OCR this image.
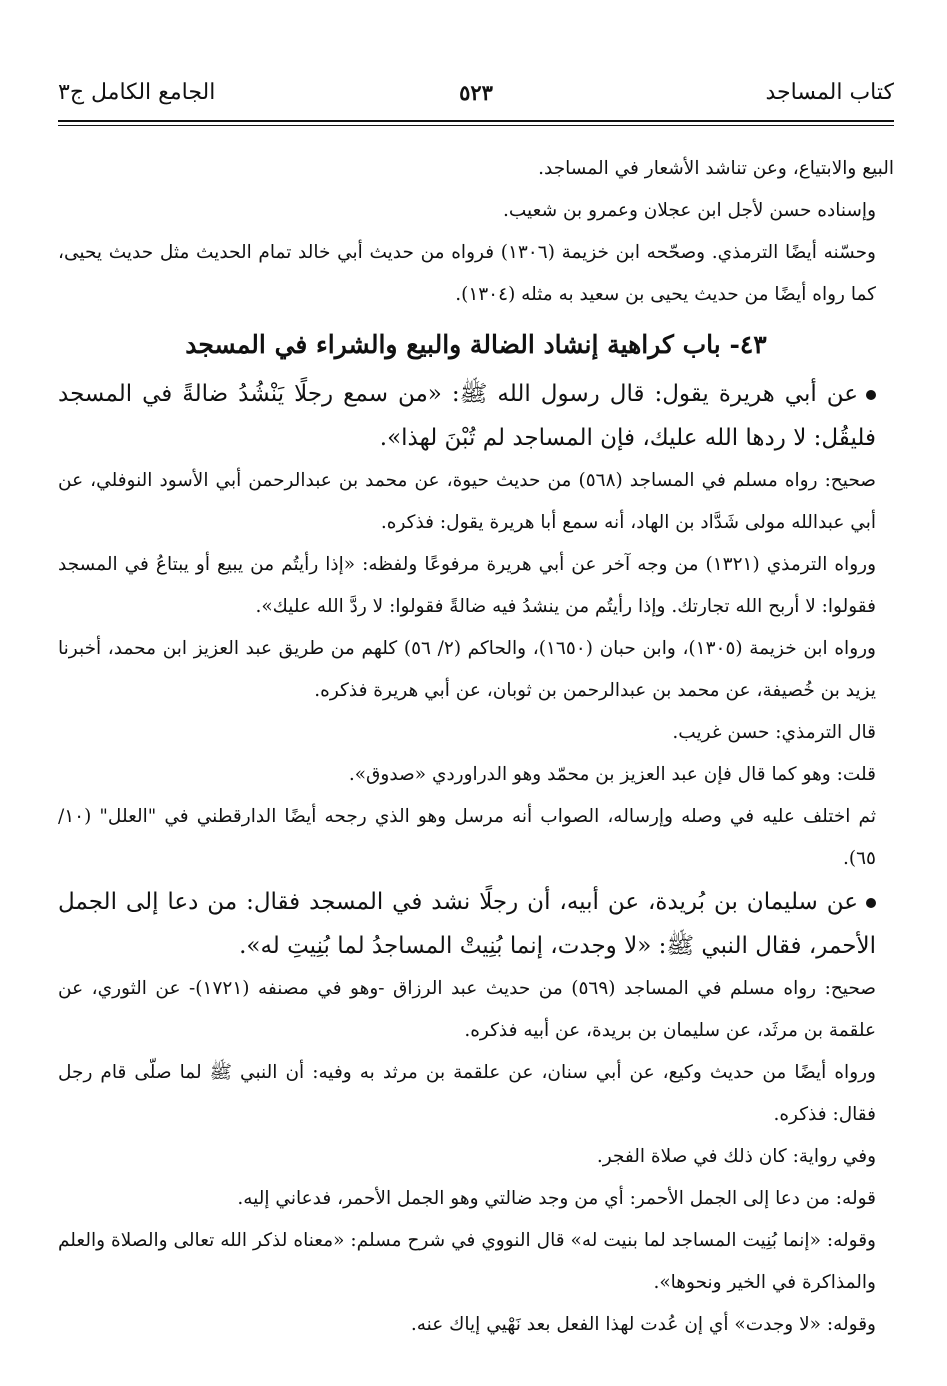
كتاب المساجد
٥٢٣
الجامع الكامل ج٣

البيع والابتياع، وعن تناشد الأشعار في المساجد.

وإسناده حسن لأجل ابن عجلان وعمرو بن شعيب.

وحسّنه أيضًا الترمذي. وصحّحه ابن خزيمة (١٣٠٦) فرواه من حديث أبي خالد تمام الحديث مثل حديث يحيى، كما رواه أيضًا من حديث يحيى بن سعيد به مثله (١٣٠٤).

٤٣- باب كراهية إنشاد الضالة والبيع والشراء في المسجد

عن أبي هريرة يقول: قال رسول الله ﷺ: «من سمع رجلًا يَنْشُدُ ضالةً في المسجد فليقُل: لا ردها الله عليك، فإن المساجد لم تُبْنَ لهذا».

صحيح: رواه مسلم في المساجد (٥٦٨) من حديث حيوة، عن محمد بن عبدالرحمن أبي الأسود النوفلي، عن أبي عبدالله مولى شَدَّاد بن الهاد، أنه سمع أبا هريرة يقول: فذكره.

ورواه الترمذي (١٣٢١) من وجه آخر عن أبي هريرة مرفوعًا ولفظه: «إذا رأيتُم من يبيع أو يبتاعُ في المسجد فقولوا: لا أربح الله تجارتك. وإذا رأيتُم من ينشدُ فيه ضالةً فقولوا: لا ردَّ الله عليك».

ورواه ابن خزيمة (١٣٠٥)، وابن حبان (١٦٥٠)، والحاكم (٢/ ٥٦) كلهم من طريق عبد العزيز ابن محمد، أخبرنا يزيد بن خُصيفة، عن محمد بن عبدالرحمن بن ثوبان، عن أبي هريرة فذكره.

قال الترمذي: حسن غريب.

قلت: وهو كما قال فإن عبد العزيز بن محمّد وهو الدراوردي «صدوق».

ثم اختلف عليه في وصله وإرساله، الصواب أنه مرسل وهو الذي رجحه أيضًا الدارقطني في "العلل" (١٠/ ٦٥).

عن سليمان بن بُريدة، عن أبيه، أن رجلًا نشد في المسجد فقال: من دعا إلى الجمل الأحمر، فقال النبي ﷺ: «لا وجدت، إنما بُنِيتْ المساجدُ لما بُنِيتِ له».

صحيح: رواه مسلم في المساجد (٥٦٩) من حديث عبد الرزاق -وهو في مصنفه (١٧٢١)- عن الثوري، عن علقمة بن مرثَد، عن سليمان بن بريدة، عن أبيه فذكره.

ورواه أيضًا من حديث وكيع، عن أبي سنان، عن علقمة بن مرثد به وفيه: أن النبي ﷺ لما صلّى قام رجل فقال: فذكره.

وفي رواية: كان ذلك في صلاة الفجر.

قوله: من دعا إلى الجمل الأحمر: أي من وجد ضالتي وهو الجمل الأحمر، فدعاني إليه.

وقوله: «إنما بُنِيت المساجد لما بنيت له» قال النووي في شرح مسلم: «معناه لذكر الله تعالى والصلاة والعلم والمذاكرة في الخير ونحوها».

وقوله: «لا وجدت» أي إن عُدت لهذا الفعل بعد نَهْيي إياك عنه.
